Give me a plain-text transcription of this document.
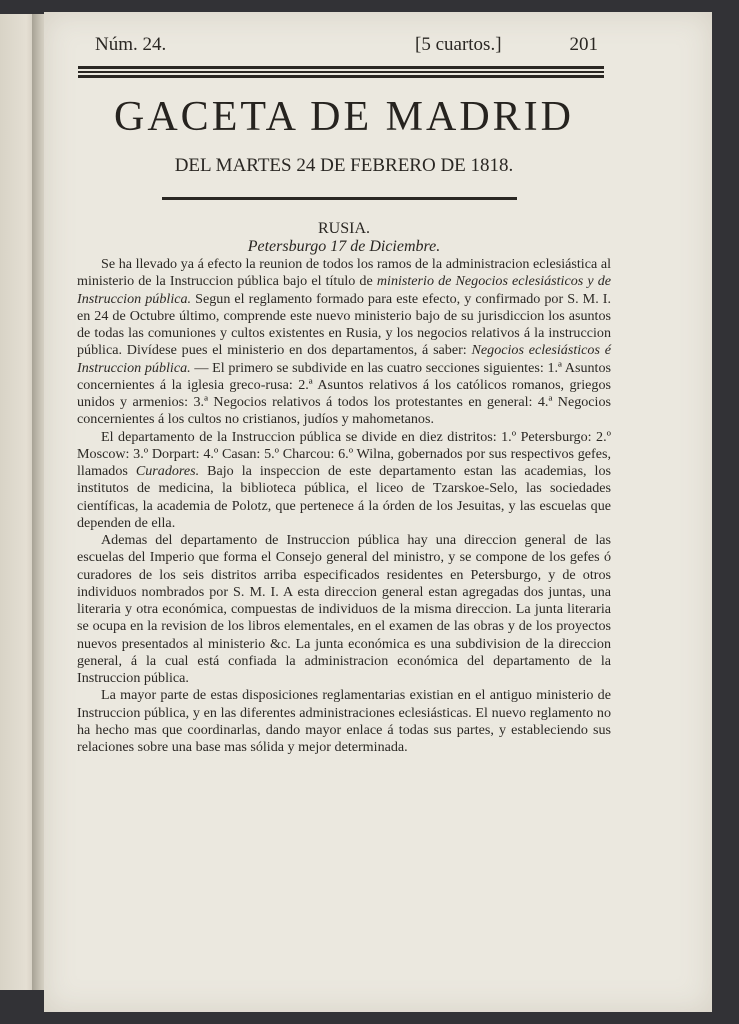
Núm. 24.	[5 cuartos.]	201
GACETA DE MADRID
DEL MARTES 24 DE FEBRERO DE 1818.
RUSIA.
Petersburgo 17 de Diciembre.

Se ha llevado ya á efecto la reunion de todos los ramos de la administracion eclesiástica al ministerio de la Instruccion pública bajo el título de ministerio de Negocios eclesiásticos y de Instruccion pública. Segun el reglamento formado para este efecto, y confirmado por S. M. I. en 24 de Octubre último, comprende este nuevo ministerio bajo de su jurisdiccion los asuntos de todas las comuniones y cultos existentes en Rusia, y los negocios relativos á la instruccion pública. Divídese pues el ministerio en dos departamentos, á saber: Negocios eclesiásticos é Instruccion pública. — El primero se subdivide en las cuatro secciones siguientes: 1.ª Asuntos concernientes á la iglesia greco-rusa: 2.ª Asuntos relativos á los católicos romanos, griegos unidos y armenios: 3.ª Negocios relativos á todos los protestantes en general: 4.ª Negocios concernientes á los cultos no cristianos, judíos y mahometanos.

El departamento de la Instruccion pública se divide en diez distritos: 1.º Petersburgo: 2.º Moscow: 3.º Dorpart: 4.º Casan: 5.º Charcou: 6.º Wilna, gobernados por sus respectivos gefes, llamados Curadores. Bajo la inspeccion de este departamento estan las academias, los institutos de medicina, la biblioteca pública, el liceo de Tzarskoe-Selo, las sociedades científicas, la academia de Polotz, que pertenece á la órden de los Jesuitas, y las escuelas que dependen de ella.

Ademas del departamento de Instruccion pública hay una direccion general de las escuelas del Imperio que forma el Consejo general del ministro, y se compone de los gefes ó curadores de los seis distritos arriba especificados residentes en Petersburgo, y de otros individuos nombrados por S. M. I. A esta direccion general estan agregadas dos juntas, una literaria y otra económica, compuestas de individuos de la misma direccion. La junta literaria se ocupa en la revision de los libros elementales, en el examen de las obras y de los proyectos nuevos presentados al ministerio &c. La junta económica es una subdivision de la direccion general, á la cual está confiada la administracion económica del departamento de la Instruccion pública.

La mayor parte de estas disposiciones reglamentarias existian en el antiguo ministerio de Instruccion pública, y en las diferentes administraciones eclesiásticas. El nuevo reglamento no ha hecho mas que coordinarlas, dando mayor enlace á todas sus partes, y estableciendo sus relaciones sobre una base mas sólida y mejor determinada.
